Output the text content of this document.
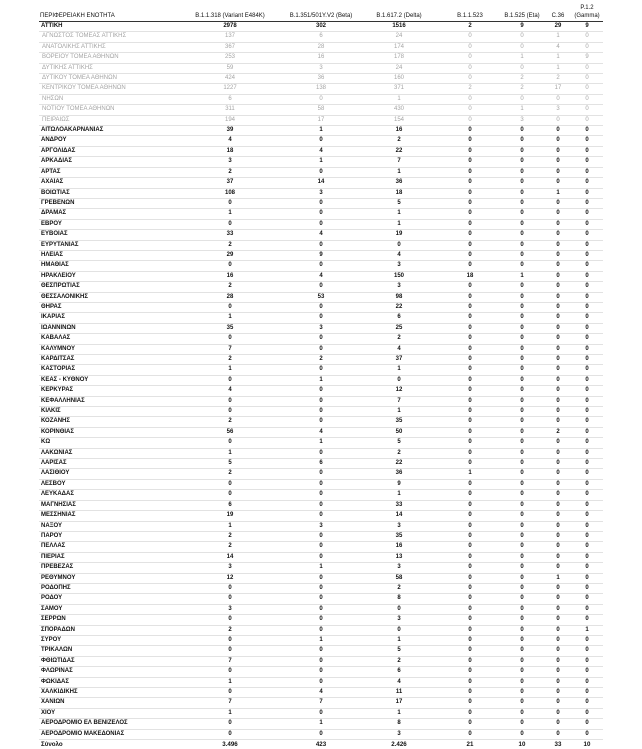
ΠΕΡΙΦΕΡΕΙΑΚΗ ΕΝΟΤΗΤΑ	B.1.1.318 (Variant E484K)	B.1.351/501Y.V2 (Beta)	B.1.617.2 (Delta)	B.1.1.523	B.1.525 (Eta)	C.36	P.1.2 (Gamma)
ΑΤΤΙΚΗ	2978	302	1516	2	9	29	9
ΑΓΝΩΣΤΟΣ ΤΟΜΕΑΣ ΑΤΤΙΚΗΣ	137	6	24	0	0	1	0
ΑΝΑΤΟΛΙΚΗΣ ΑΤΤΙΚΗΣ	367	28	174	0	0	4	0
ΒΟΡΕΙΟΥ ΤΟΜΕΑ ΑΘΗΝΩΝ	253	16	178	0	1	1	9
ΔΥΤΙΚΗΣ ΑΤΤΙΚΗΣ	59	3	24	0	0	1	0
ΔΥΤΙΚΟΥ ΤΟΜΕΑ ΑΘΗΝΩΝ	424	36	160	0	2	2	0
ΚΕΝΤΡΙΚΟΥ ΤΟΜΕΑ ΑΘΗΝΩΝ	1227	138	371	2	2	17	0
ΝΗΣΩΝ	6	0	1	0	0	0	0
ΝΟΤΙΟΥ ΤΟΜΕΑ ΑΘΗΝΩΝ	311	58	430	0	1	3	0
ΠΕΙΡΑΙΩΣ	194	17	154	0	3	0	0
ΑΙΤΩΛΟΑΚΑΡΝΑΝΙΑΣ	39	1	16	0	0	0	0
ΑΝΔΡΟΥ	4	0	2	0	0	0	0
ΑΡΓΟΛΙΔΑΣ	18	4	22	0	0	0	0
ΑΡΚΑΔΙΑΣ	3	1	7	0	0	0	0
ΑΡΤΑΣ	2	0	1	0	0	0	0
ΑΧΑΪΑΣ	37	14	36	0	0	0	0
ΒΟΙΩΤΙΑΣ	108	3	18	0	0	1	0
ΓΡΕΒΕΝΩΝ	0	0	5	0	0	0	0
ΔΡΑΜΑΣ	1	0	1	0	0	0	0
ΕΒΡΟΥ	0	0	1	0	0	0	0
ΕΥΒΟΙΑΣ	33	4	19	0	0	0	0
ΕΥΡΥΤΑΝΙΑΣ	2	0	0	0	0	0	0
ΗΛΕΙΑΣ	29	9	4	0	0	0	0
ΗΜΑΘΙΑΣ	0	0	3	0	0	0	0
ΗΡΑΚΛΕΙΟΥ	16	4	150	18	1	0	0
ΘΕΣΠΡΩΤΙΑΣ	2	0	3	0	0	0	0
ΘΕΣΣΑΛΟΝΙΚΗΣ	28	53	98	0	0	0	0
ΘΗΡΑΣ	0	0	22	0	0	0	0
ΙΚΑΡΙΑΣ	1	0	6	0	0	0	0
ΙΩΑΝΝΙΝΩΝ	35	3	25	0	0	0	0
ΚΑΒΑΛΑΣ	0	0	2	0	0	0	0
ΚΑΛΥΜΝΟΥ	7	0	4	0	0	0	0
ΚΑΡΔΙΤΣΑΣ	2	2	37	0	0	0	0
ΚΑΣΤΟΡΙΑΣ	1	0	1	0	0	0	0
ΚΕΑΣ - ΚΥΘΝΟΥ	0	1	0	0	0	0	0
ΚΕΡΚΥΡΑΣ	4	0	12	0	0	0	0
ΚΕΦΑΛΛΗΝΙΑΣ	0	0	7	0	0	0	0
ΚΙΛΚΙΣ	0	0	1	0	0	0	0
ΚΟΖΑΝΗΣ	2	0	35	0	0	0	0
ΚΟΡΙΝΘΙΑΣ	56	4	50	0	0	2	0
ΚΩ	0	1	5	0	0	0	0
ΛΑΚΩΝΙΑΣ	1	0	2	0	0	0	0
ΛΑΡΙΣΑΣ	5	6	22	0	0	0	0
ΛΑΣΙΘΙΟΥ	2	0	36	1	0	0	0
ΛΕΣΒΟΥ	0	0	9	0	0	0	0
ΛΕΥΚΑΔΑΣ	0	0	1	0	0	0	0
ΜΑΓΝΗΣΙΑΣ	6	0	33	0	0	0	0
ΜΕΣΣΗΝΙΑΣ	19	0	14	0	0	0	0
ΝΑΞΟΥ	1	3	3	0	0	0	0
ΠΑΡΟΥ	2	0	35	0	0	0	0
ΠΕΛΛΑΣ	2	0	16	0	0	0	0
ΠΙΕΡΙΑΣ	14	0	13	0	0	0	0
ΠΡΕΒΕΖΑΣ	3	1	3	0	0	0	0
ΡΕΘΥΜΝΟΥ	12	0	58	0	0	1	0
ΡΟΔΟΠΗΣ	0	0	2	0	0	0	0
ΡΟΔΟΥ	0	0	8	0	0	0	0
ΣΑΜΟΥ	3	0	0	0	0	0	0
ΣΕΡΡΩΝ	0	0	3	0	0	0	0
ΣΠΟΡΑΔΩΝ	2	0	0	0	0	0	1
ΣΥΡΟΥ	0	1	1	0	0	0	0
ΤΡΙΚΑΛΩΝ	0	0	5	0	0	0	0
ΦΘΙΩΤΙΔΑΣ	7	0	2	0	0	0	0
ΦΛΩΡΙΝΑΣ	0	0	6	0	0	0	0
ΦΩΚΙΔΑΣ	1	0	4	0	0	0	0
ΧΑΛΚΙΔΙΚΗΣ	0	4	11	0	0	0	0
ΧΑΝΙΩΝ	7	7	17	0	0	0	0
ΧΙΟΥ	1	0	1	0	0	0	0
ΑΕΡΟΔΡΟΜΙΟ ΕΛ ΒΕΝΙΖΕΛΟΣ	0	1	8	0	0	0	0
ΑΕΡΟΔΡΟΜΙΟ ΜΑΚΕΔΟΝΙΑΣ	0	0	3	0	0	0	0
Σύνολο	3.496	423	2.426	21	10	33	10
